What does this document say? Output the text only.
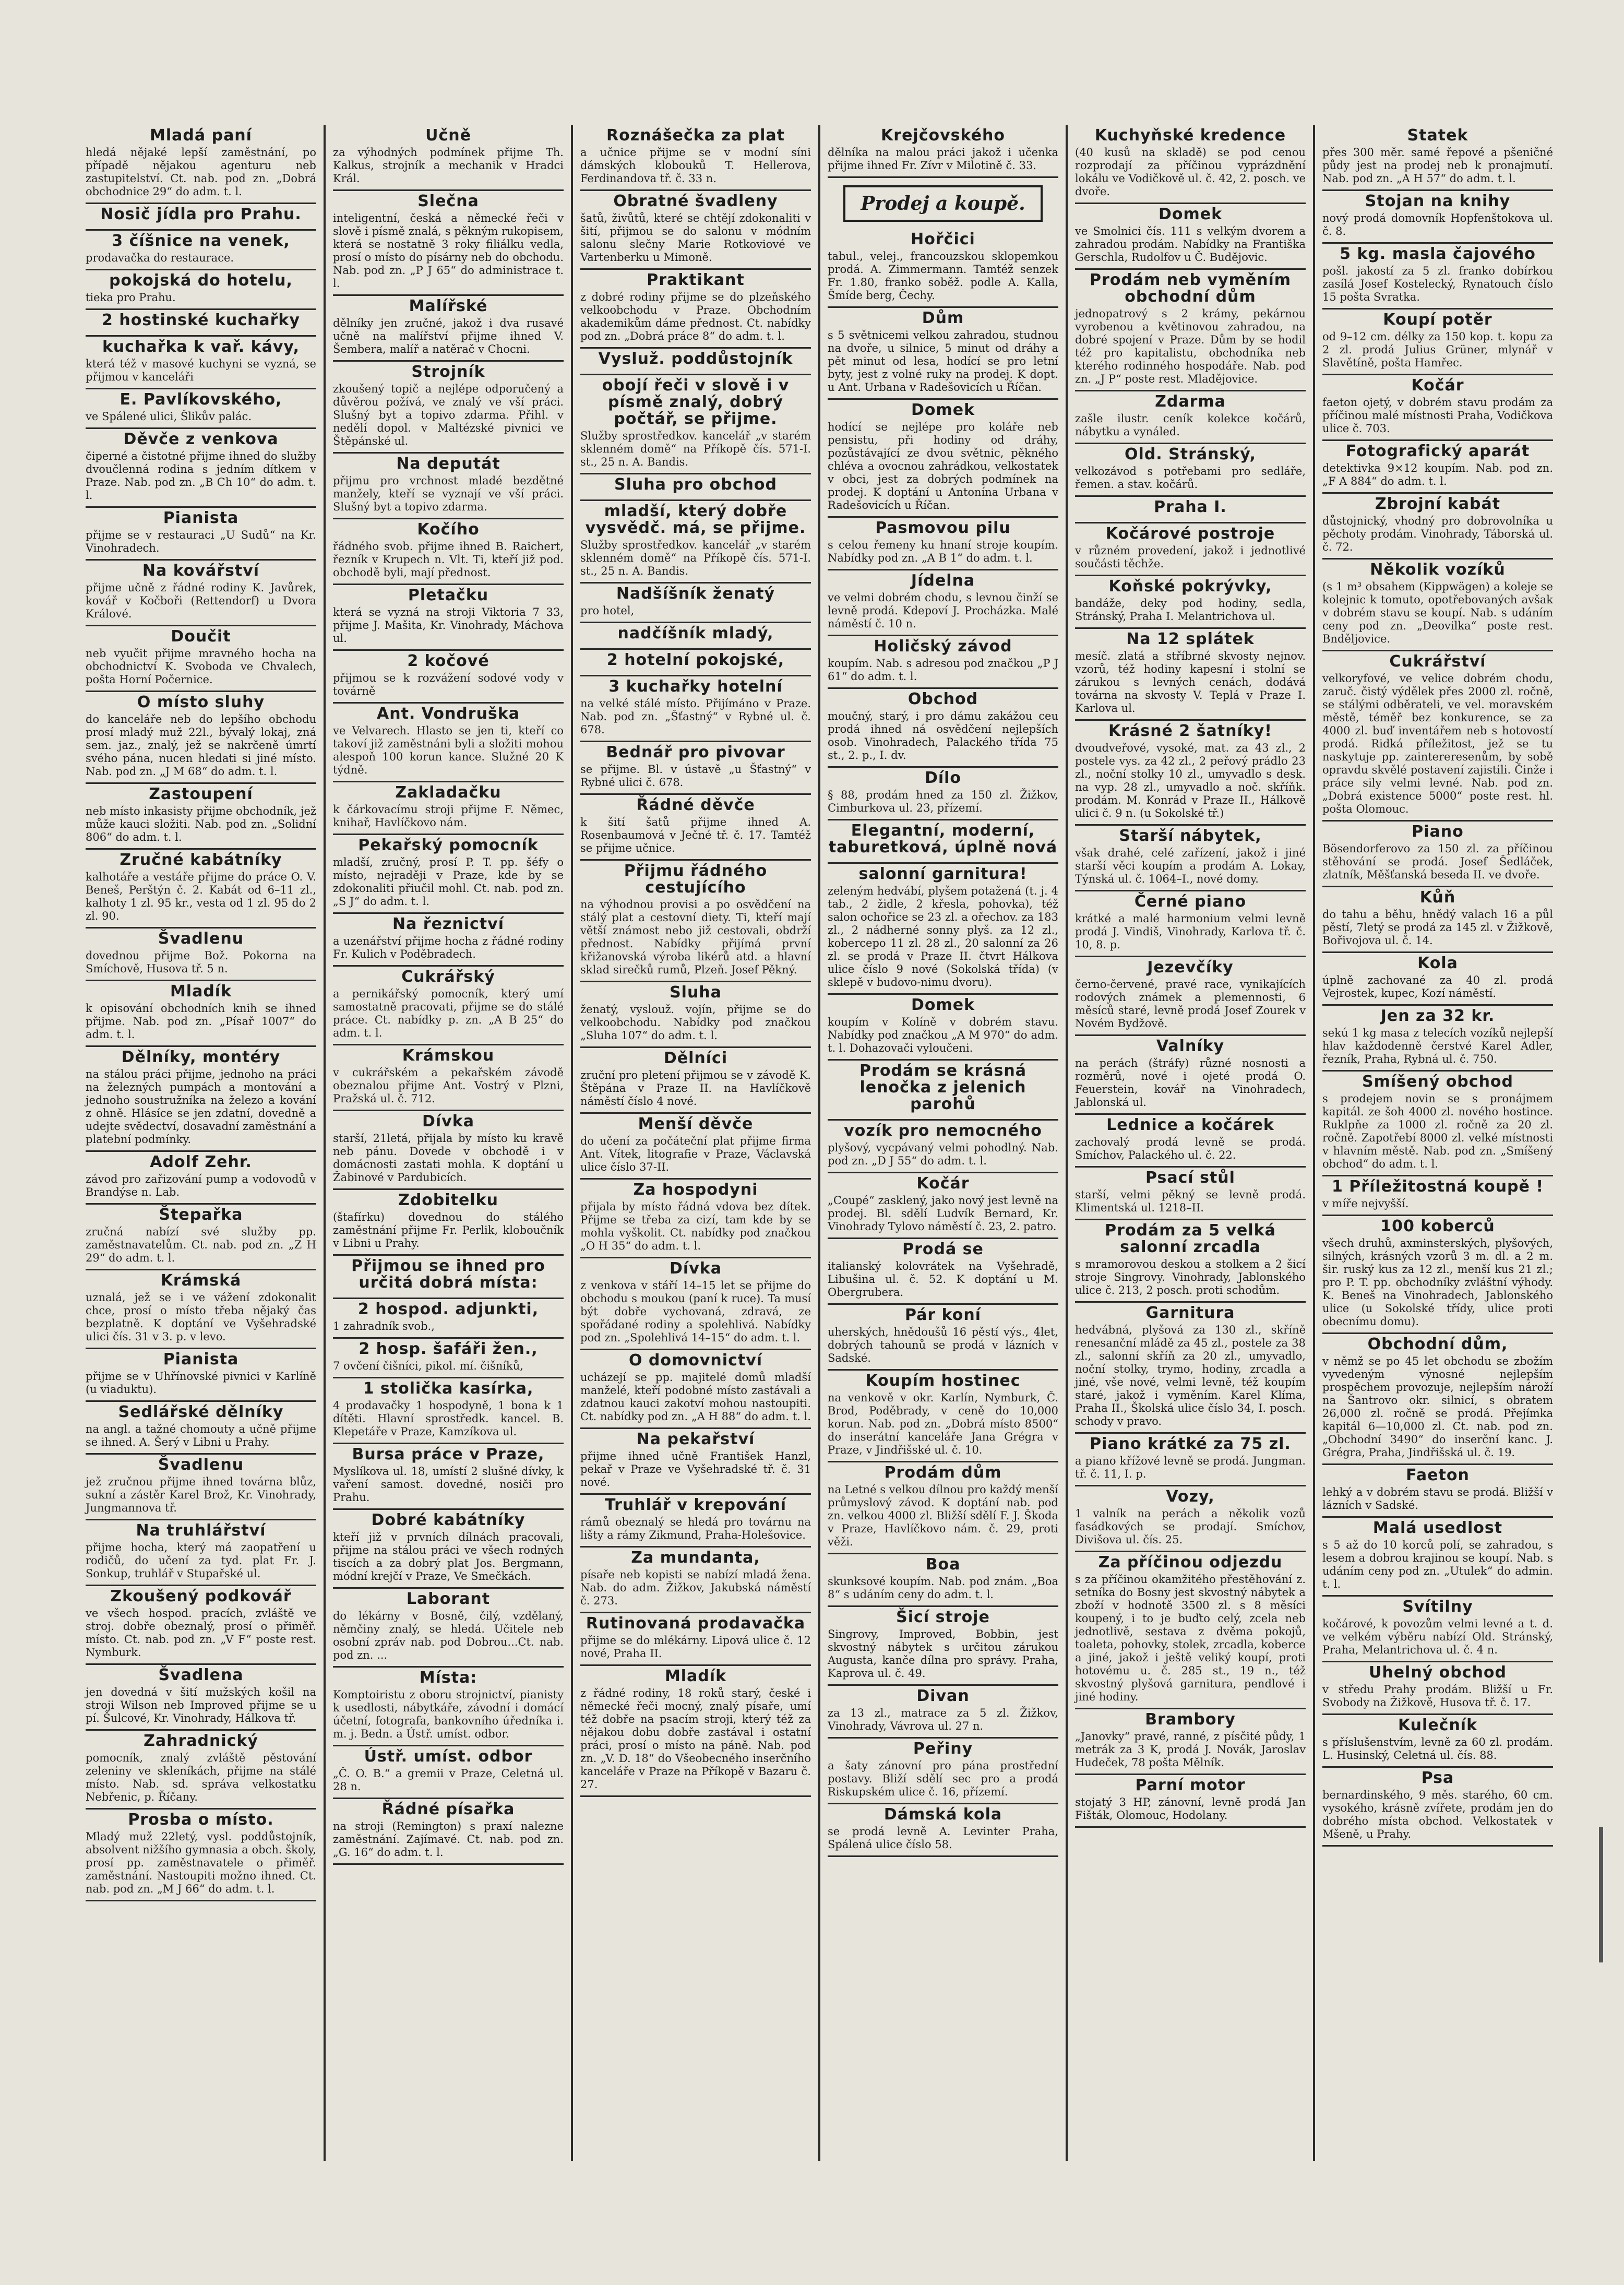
Mladá paní

hledá nějaké lepší zaměstnání, po případě nějakou agenturu neb zastupitelství. Ct. nab. pod zn. „Dobrá obchodnice 29“ do adm. t. l.

Nosič jídla pro Prahu.
3 číšnice na venek,

prodavačka do restaurace.

pokojská do hotelu,

tieka pro Prahu.

2 hostinské kuchařky
kuchařka k vař. kávy,

která též v masové kuchyni se vyzná, se přijmou v kanceláři

E. Pavlíkovského,

ve Spálené ulici, Šlikův palác.

Děvče z venkova

čiperné a čistotné přijme ihned do služby dvoučlenná rodina s jedním dítkem v Praze. Nab. pod zn. „B Ch 10“ do adm. t. l.

Pianista

přijme se v restauraci „U Sudů“ na Kr. Vinohradech.

Na kovářství

přijme učně z řádné rodiny K. Javůrek, kovář v Kočboři (Rettendorf) u Dvora Králové.

Doučit

neb vyučit přijme mravného hocha na obchodnictví K. Svoboda ve Chvalech, pošta Horní Počernice.

O místo sluhy

do kanceláře neb do lepšího obchodu prosí mladý muž 22l., bývalý lokaj, zná sem. jaz., znalý, jež se nakrčeně úmrtí svého pána, nucen hledati si jiné místo. Nab. pod zn. „J M 68“ do adm. t. l.

Zastoupení

neb místo inkasisty přijme obchodník, jež může kauci složiti. Nab. pod zn. „Solidní 806“ do adm. t. l.

Zručné kabátníky

kalhotáře a vestáře přijme do práce O. V. Beneš, Perštýn č. 2. Kabát od 6–11 zl., kalhoty 1 zl. 95 kr., vesta od 1 zl. 95 do 2 zl. 90.

Švadlenu

dovednou přijme Bož. Pokorna na Smíchově, Husova tř. 5 n.

Mladík

k opisování obchodních knih se ihned přijme. Nab. pod zn. „Písař 1007“ do adm. t. l.

Dělníky, montéry

na stálou práci přijme, jednoho na práci na železných pumpách a montování a jednoho soustružníka na železo a kování z ohně. Hlásíce se jen zdatní, dovedně a udejte svědectví, dosavadní zaměstnání a platební podmínky.

Adolf Zehr.

závod pro zařizování pump a vodovodů v Brandýse n. Lab.

Štepařka

zručná nabízí své služby pp. zaměstnavatelům. Ct. nab. pod zn. „Z H 29“ do adm. t. l.

Krámská

uznalá, jež se i ve vážení zdokonalit chce, prosí o místo třeba nějaký čas bezplatně. K doptání ve Vyšehradské ulici čís. 31 v 3. p. v levo.

Pianista

přijme se v Uhřínovské pivnici v Karlíně (u viaduktu).

Sedlářské dělníky

na angl. a tažné chomouty a učně přijme se ihned. A. Šerý v Libni u Prahy.

Švadlenu

jež zručnou přijme ihned továrna blůz, sukní a zástěr Karel Brož, Kr. Vinohrady, Jungmannova tř.

Na truhlářství

přijme hocha, který má zaopatření u rodičů, do učení za tyd. plat Fr. J. Sonkup, truhlář v Stupařské ul.

Zkoušený podkovář

ve všech hospod. pracích, zvláště ve stroj. dobře obeznalý, prosí o přiměř. místo. Ct. nab. pod zn. „V F“ poste rest. Nymburk.

Švadlena

jen dovedná v šití mužských košil na stroji Wilson neb Improved přijme se u pí. Šulcové, Kr. Vinohrady, Hálkova tř.

Zahradnický

pomocník, znalý zvláště pěstování zeleniny ve skleníkách, přijme na stálé místo. Nab. sd. správa velkostatku Nebřenic, p. Říčany.

Prosba o místo.

Mladý muž 22letý, vysl. poddůstojník, absolvent nižšího gymnasia a obch. školy, prosí pp. zaměstnavatele o přiměř. zaměstnání. Nastoupiti možno ihned. Ct. nab. pod zn. „M J 66“ do adm. t. l.

Učně

za výhodných podmínek přijme Th. Kalkus, strojník a mechanik v Hradci Král.

Slečna

inteligentní, česká a německé řeči v slově i písmě znalá, s pěkným rukopisem, která se nostatně 3 roky filiálku vedla, prosí o místo do písárny neb do obchodu. Nab. pod zn. „P J 65“ do administrace t. l.

Malířské

dělníky jen zručné, jakož i dva rusavé učně na malířství přijme ihned V. Šembera, malíř a natěrač v Chocni.

Strojník

zkoušený topič a nejlépe odporučený a důvěrou požívá, ve znalý ve vší práci. Slušný byt a topivo zdarma. Přihl. v nedělí dopol. v Maltézské pivnici ve Štěpánské ul.

Na deputát

přijmu pro vrchnost mladé bezdětné manžely, kteří se vyznají ve vší práci. Slušný byt a topivo zdarma.

Kočího

řádného svob. přijme ihned B. Raichert, řezník v Krupech n. Vlt. Ti, kteří již pod. obchodě byli, mají přednost.

Pletačku

která se vyzná na stroji Viktoria 7 33, přijme J. Mašita, Kr. Vinohrady, Máchova ul.

2 kočové

přijmou se k rozvážení sodové vody v továrně

Ant. Vondruška

ve Velvarech. Hlasto se jen ti, kteří co takoví již zaměstnáni byli a složiti mohou alespoň 100 korun kance. Služné 20 K týdně.

Zakladačku

k čárkovacímu stroji přijme F. Němec, knihař, Havlíčkovo nám.

Pekařský pomocník

mladší, zručný, prosí P. T. pp. šéfy o místo, nejraději v Praze, kde by se zdokonaliti přiučil mohl. Ct. nab. pod zn. „S J“ do adm. t. l.

Na řeznictví

a uzenářství přijme hocha z řádné rodiny Fr. Kulich v Poděbradech.

Cukrářský

a pernikářský pomocník, který umí samostatně pracovati, přijme se do stálé práce. Ct. nabídky p. zn. „A B 25“ do adm. t. l.

Krámskou

v cukrářském a pekařském závodě obeznalou přijme Ant. Vostrý v Plzni, Pražská ul. č. 712.

Dívka

starší, 21letá, přijala by místo ku kravě neb pánu. Dovede v obchodě i v domácnosti zastati mohla. K doptání u Žabinové v Pardubicích.

Zdobitelku

(štafírku) dovednou do stálého zaměstnání přijme Fr. Perlik, kloboučník v Libni u Prahy.

Přijmou se ihned pro určitá dobrá místa:
2 hospod. adjunkti,

1 zahradník svob.,

2 hosp. šafáři žen.,

7 ovčení čišníci, pikol. mí. čišníků,

1 stolička kasírka,

4 prodavačky 1 hospodyně, 1 bona k 1 dítěti. Hlavní sprostředk. kancel. B. Klepetáře v Praze, Kamzíkova ul.

Bursa práce v Praze,

Myslíkova ul. 18, umístí 2 slušné dívky, k vaření samost. dovedné, nosiči pro Prahu.

Dobré kabátníky

kteří již v prvních dílnách pracovali, přijme na stálou práci ve všech rodných tiscích a za dobrý plat Jos. Bergmann, módní krejčí v Praze, Ve Smečkách.

Laborant

do lékárny v Bosně, čilý, vzdělaný, němčiny znalý, se hledá. Učitele neb osobní zpráv nab. pod Dobrou...Ct. nab. pod zn. ...

Místa:

Komptoiristu z oboru strojnictví, pianisty k usedlosti, nábytkáře, závodní i domácí účetní, fotografa, bankovního úředníka i. m. j. Bedn. a Ústř. umíst. odbor.

Ústř. umíst. odbor

„Č. O. B.“ a gremii v Praze, Celetná ul. 28 n.

Řádné písařka

na stroji (Remington) s praxí nalezne zaměstnání. Zajímavé. Ct. nab. pod zn. „G. 16“ do adm. t. l.

Roznášečka za plat

a učnice přijme se v modní síni dámských klobouků T. Hellerova, Ferdinandova tř. č. 33 n.

Obratné švadleny

šatů, živůtů, které se chtějí zdokonaliti v šití, přijmou se do salonu v módním salonu slečny Marie Rotkoviové ve Vartenberku u Mimoně.

Praktikant

z dobré rodiny přijme se do plzeňského velkoobchodu v Praze. Obchodním akademikům dáme přednost. Ct. nabídky pod zn. „Dobrá práce 8“ do adm. t. l.

Vysluž. poddůstojník
obojí řeči v slově i v písmě znalý, dobrý počtář, se přijme.

Služby sprostředkov. kancelář „v starém sklenném domě“ na Příkopě čís. 571-I. st., 25 n. A. Bandis.

Sluha pro obchod
mladší, který dobře vysvědč. má, se přijme.

Služby sprostředkov. kancelář „v starém sklenném domě“ na Příkopě čís. 571-I. st., 25 n. A. Bandis.

Nadšíšník ženatý

pro hotel,

nadčíšník mladý,
2 hotelní pokojské,
3 kuchařky hotelní

na velké stálé místo. Přijímáno v Praze. Nab. pod zn. „Šťastný“ v Rybné ul. č. 678.

Bednář pro pivovar

se přijme. Bl. v ústavě „u Šťastný“ v Rybné ulici č. 678.

Řádné děvče

k šití šatů přijme ihned A. Rosenbaumová v Ječné tř. č. 17. Tamtéž se přijme učnice.

Přijmu řádného cestujícího

na výhodnou provisi a po osvědčení na stálý plat a cestovní diety. Ti, kteří mají větší známost nebo již cestovali, obdrží přednost. Nabídky přijímá první křižanovská výroba likérů atd. a hlavní sklad sirečků rumů, Plzeň. Josef Pěkný.

Sluha

ženatý, vyslouž. vojín, přijme se do velkoobchodu. Nabídky pod značkou „Sluha 107“ do adm. t. l.

Dělníci

zruční pro pletení přijmou se v závodě K. Štěpána v Praze II. na Havlíčkově náměstí číslo 4 nové.

Menší děvče

do učení za počáteční plat přijme firma Ant. Vítek, litografie v Praze, Václavská ulice číslo 37-II.

Za hospodyni

přijala by místo řádná vdova bez dítek. Přijme se třeba za cizí, tam kde by se mohla vyškolit. Ct. nabídky pod značkou „O H 35“ do adm. t. l.

Dívka

z venkova v stáří 14–15 let se přijme do obchodu s moukou (paní k ruce). Ta musí být dobře vychovaná, zdravá, ze spořádané rodiny a spolehlivá. Nabídky pod zn. „Spolehlivá 14–15“ do adm. t. l.

O domovnictví

ucházejí se pp. majitelé domů mladší manželé, kteří podobné místo zastávali a zdatnou kauci zakotví mohou nastoupiti. Ct. nabídky pod zn. „A H 88“ do adm. t. l.

Na pekařství

přijme ihned učně František Hanzl, pekař v Praze ve Vyšehradské tř. č. 31 nové.

Truhlář v krepování

rámů obeznalý se hledá pro továrnu na lišty a rámy Zikmund, Praha-Holešovice.

Za mundanta,

písaře neb kopisti se nabízí mladá žena. Nab. do adm. Žižkov, Jakubská náměstí č. 273.

Rutinovaná prodavačka

přijme se do mlékárny. Lipová ulice č. 12 nové, Praha II.

Mladík

z řádné rodiny, 18 roků starý, české i německé řeči mocný, znalý písaře, umí též dobře na psacím stroji, který též za nějakou dobu dobře zastával i ostatní práci, prosí o místo na páně. Nab. pod zn. „V. D. 18“ do Všeobecného inserčního kanceláře v Praze na Příkopě v Bazaru č. 27.

Krejčovského

dělníka na malou práci jakož i učenka přijme ihned Fr. Zívr v Milotině č. 33.

Prodej a koupě.
Hořčici

tabul., velej., francouzskou sklopemkou prodá. A. Zimmermann. Tamtéž senzek Fr. 1.80, franko soběž. podle A. Kalla, Šmíde berg, Čechy.

Dům

s 5 světnicemi velkou zahradou, studnou na dvoře, u silnice, 5 minut od dráhy a pět minut od lesa, hodící se pro letní byty, jest z volné ruky na prodej. K dopt. u Ant. Urbana v Radešovicích u Říčan.

Domek

hodící se nejlépe pro koláře neb pensistu, při hodiny od dráhy, pozůstávající ze dvou světnic, pěkného chléva a ovocnou zahrádkou, velkostatek v obci, jest za dobrých podmínek na prodej. K doptání u Antonína Urbana v Radešovicích u Říčan.

Pasmovou pilu

s celou řemeny ku hnaní stroje koupím. Nabídky pod zn. „A B 1“ do adm. t. l.

Jídelna

ve velmi dobrém chodu, s levnou činží se levně prodá. Kdepoví J. Procházka. Malé náměstí č. 10 n.

Holičský závod

koupím. Nab. s adresou pod značkou „P J 61“ do adm. t. l.

Obchod

moučný, starý, i pro dámu zakážou ceu prodá ihned ná osvědčení nejlepších osob. Vinohradech, Palackého třída 75 st., 2. p., I. dv.

Dílo

§ 88, prodám hned za 150 zl. Žižkov, Cimburkova ul. 23, přízemí.

Elegantní, moderní, taburetková, úplně nová
salonní garnitura!

zeleným hedvábí, plyšem potažená (t. j. 4 tab., 2 židle, 2 křesla, pohovka), též salon ochořice se 23 zl. a ořechov. za 183 zl., 2 nádherné sonny plyš. za 12 zl., kobercepo 11 zl. 28 zl., 20 salonní za 26 zl. se prodá v Praze II. čtvrt Hálkova ulice číslo 9 nové (Sokolská třída) (v sklepě v budovo-nimu dvoru).

Domek

koupím v Kolíně v dobrém stavu. Nabídky pod značkou „A M 970“ do adm. t. l. Dohazovači vyloučeni.

Prodám se krásná lenočka z jelenich parohů
vozík pro nemocného

plyšový, vycpávaný velmi pohodlný. Nab. pod zn. „D J 55“ do adm. t. l.

Kočár

„Coupé“ zasklený, jako nový jest levně na prodej. Bl. sdělí Ludvík Bernard, Kr. Vinohrady Tylovo náměstí č. 23, 2. patro.

Prodá se

italianský kolovrátek na Vyšehradě, Libušina ul. č. 52. K doptání u M. Obergrubera.

Pár koní

uherských, hnědoušů 16 pěstí výs., 4let, dobrých tahounů se prodá v lázních v Sadské.

Koupím hostinec

na venkově v okr. Karlín, Nymburk, Č. Brod, Poděbrady, v ceně do 10,000 korun. Nab. pod zn. „Dobrá místo 8500“ do inserátní kanceláře Jana Grégra v Praze, v Jindřišské ul. č. 10.

Prodám dům

na Letné s velkou dílnou pro každý menší průmyslový závod. K doptání nab. pod zn. velkou 4000 zl. Bližší sdělí F. J. Škoda v Praze, Havlíčkovo nám. č. 29, proti věži.

Boa

skunksové koupím. Nab. pod znám. „Boa 8“ s udáním ceny do adm. t. l.

Šicí stroje

Singrovy, Improved, Bobbin, jest skvostný nábytek s určitou zárukou Augusta, kanče dílna pro správy. Praha, Kaprova ul. č. 49.

Divan

za 13 zl., matrace za 5 zl. Žižkov, Vinohrady, Vávrova ul. 27 n.

Peřiny

a šaty zánovní pro pána prostřední postavy. Bliží sdělí sec pro a prodá Riskupském ulice č. 16, přízemí.

Dámská kola

se prodá levně A. Levinter Praha, Spálená ulice číslo 58.

Kuchyňské kredence

(40 kusů na skladě) se pod cenou rozprodají za příčinou vyprázdnění lokálu ve Vodičkově ul. č. 42, 2. posch. ve dvoře.

Domek

ve Smolnici čís. 111 s velkým dvorem a zahradou prodám. Nabídky na Františka Gerschla, Rudolfov u Č. Budějovic.

Prodám neb vyměním obchodní dům

jednopatrový s 2 krámy, pekárnou vyrobenou a květinovou zahradou, na dobré spojení v Praze. Dům by se hodil též pro kapitalistu, obchodníka neb kterého rodinného hospodáře. Nab. pod zn. „J P“ poste rest. Mladějovice.

Zdarma

zašle ilustr. ceník kolekce kočárů, nábytku a vynáled.

Old. Stránský,

velkozávod s potřebami pro sedláře, řemen. a stav. kočárů.

Praha I.
Kočárové postroje

v různém provedení, jakož i jednotlivé součásti těchže.

Koňské pokrývky,

bandáže, deky pod hodiny, sedla, Stránský, Praha I. Melantrichova ul.

Na 12 splátek

mesíč. zlatá a stříbrné skvosty nejnov. vzorů, též hodiny kapesní i stolní se zárukou s levných cenách, dodává továrna na skvosty V. Teplá v Praze I. Karlova ul.

Krásné 2 šatníky!

dvoudveřové, vysoké, mat. za 43 zl., 2 postele vys. za 42 zl., 2 peřový prádlo 23 zl., noční stolky 10 zl., umyvadlo s desk. na vyp. 28 zl., umyvadlo a noč. skříňk. prodám. M. Konrád v Praze II., Hálkově ulici č. 9 n. (u Sokolské tř.)

Starší nábytek,

však drahé, celé zařízení, jakož i jiné starší věci koupím a prodám A. Lokay, Týnská ul. č. 1064–I., nové domy.

Černé piano

krátké a malé harmonium velmi levně prodá J. Vindiš, Vinohrady, Karlova tř. č. 10, 8. p.

Jezevčíky

černo-červené, pravé race, vynikajících rodových známek a plemennosti, 6 měsíců staré, levně prodá Josef Zourek v Novém Bydžově.

Valníky

na perách (štráfy) různé nosnosti a rozměrů, nové i ojeté prodá O. Feuerstein, kovář na Vinohradech, Jablonská ul.

Lednice a kočárek

zachovalý prodá levně se prodá. Smíchov, Palackého ul. č. 22.

Psací stůl

starší, velmi pěkný se levně prodá. Klimentská ul. 1218–II.

Prodám za 5 velká salonní zrcadla

s mramorovou deskou a stolkem a 2 šicí stroje Singrovy. Vinohrady, Jablonského ulice č. 213, 2 posch. proti schodům.

Garnitura

hedvábná, plyšová za 130 zl., skříně renesanční mládě za 45 zl., postele za 38 zl., salonní skříň za 20 zl., umyvadlo, noční stolky, trymo, hodiny, zrcadla a jiné, vše nové, velmi levně, též koupím staré, jakož i vyměním. Karel Klíma, Praha II., Školská ulice číslo 34, I. posch. schody v pravo.

Piano krátké za 75 zl.

a piano křížové levně se prodá. Jungman. tř. č. 11, I. p.

Vozy,

1 valník na perách a několik vozů fasádkových se prodají. Smíchov, Divišova ul. čís. 25.

Za příčinou odjezdu

s za příčinou okamžitého přestěhování z. setníka do Bosny jest skvostný nábytek a zboží v hodnotě 3500 zl. s 8 měsíci koupený, i to je buďto celý, zcela neb jednotlivě, sestava z dvěma pokojů, toaleta, pohovky, stolek, zrcadla, koberce a jiné, jakož i ještě veliký koupí, proti hotovému u. č. 285 st., 19 n., též skvostný plyšová garnitura, pendlové i jiné hodiny.

Brambory

„Janovky“ pravé, ranné, z písčité půdy, 1 metrák za 3 K, prodá J. Novák, Jaroslav Hudeček, 78 pošta Mělník.

Parní motor

stojatý 3 HP, zánovní, levně prodá Jan Fišták, Olomouc, Hodolany.

Statek

přes 300 měr. samé řepové a pšeničné půdy jest na prodej neb k pronajmutí. Nab. pod zn. „A H 57“ do adm. t. l.

Stojan na knihy

nový prodá domovník Hopfenštokova ul. č. 8.

5 kg. masla čajového

pošl. jakostí za 5 zl. franko dobírkou zasílá Josef Kostelecký, Rynatouch číslo 15 pošta Svratka.

Koupí potěr

od 9–12 cm. délky za 150 kop. t. kopu za 2 zl. prodá Julius Grüner, mlynář v Slavětíně, pošta Hamřec.

Kočár

faeton ojetý, v dobrém stavu prodám za příčinou malé místnosti Praha, Vodičkova ulice č. 703.

Fotografický aparát

detektivka 9×12 koupím. Nab. pod zn. „F A 884“ do adm. t. l.

Zbrojní kabát

důstojnický, vhodný pro dobrovolníka u pěchoty prodám. Vinohrady, Táborská ul. č. 72.

Několik vozíků

(s 1 m³ obsahem (Kippwägen) a koleje se kolejnic k tomuto, opotřebovaných avšak v dobrém stavu se koupí. Nab. s udáním ceny pod zn. „Deovilka“ poste rest. Bnděljovice.

Cukrářství

velkoryfové, ve velice dobrém chodu, zaruč. čistý výdělek přes 2000 zl. ročně, se stálými odběrateli, ve vel. moravském městě, téměř bez konkurence, se za 4000 zl. buď inventářem neb s hotovostí prodá. Ridká příležitost, jež se tu naskytuje pp. zaintereresenům, by sobě opravdu skvělé postavení zajistili. Činže i práce sily velmi levné. Nab. pod zn. „Dobrá existence 5000“ poste rest. hl. pošta Olomouc.

Piano

Bösendorferovo za 150 zl. za příčinou stěhování se prodá. Josef Šedláček, zlatník, Měšťanská beseda II. ve dvoře.

Kůň

do tahu a běhu, hnědý valach 16 a půl pěstí, 7letý se prodá za 145 zl. v Žižkově, Bořivojova ul. č. 14.

Kola

úplně zachované za 40 zl. prodá Vejrostek, kupec, Kozí náměstí.

Jen za 32 kr.

sekú 1 kg masa z telecích vozíků nejlepší hlav každodenně čerstvé Karel Adler, řezník, Praha, Rybná ul. č. 750.

Smíšený obchod

s prodejem novin se s pronájmem kapitál. ze šoh 4000 zl. nového hostince. Ruklpňe za 1000 zl. ročně za 20 zl. ročně. Zapotřebí 8000 zl. velké místnosti v hlavním městě. Nab. pod zn. „Smíšený obchod“ do adm. t. l.

1 Příležitostná koupě !

v míře nejvyšší.

100 koberců

všech druhů, axminsterských, plyšových, silných, krásných vzorů 3 m. dl. a 2 m. šir. ruský kus za 12 zl., menší kus 21 zl.; pro P. T. pp. obchodníky zvláštní výhody. K. Beneš na Vinohradech, Jablonského ulice (u Sokolské třídy, ulice proti obecnímu domu).

Obchodní dům,

v němž se po 45 let obchodu se zbožím vyvedeným výnosné nejlepším prospěchem provozuje, nejlepším nároží na Šantrovo okr. silnicí, s obratem 26,000 zl. ročně se prodá. Přejímka kapitál 6—10,000 zl. Ct. nab. pod zn. „Obchodní 3490“ do inserční kanc. J. Grégra, Praha, Jindřišská ul. č. 19.

Faeton

lehký a v dobrém stavu se prodá. Bližší v lázních v Sadské.

Malá usedlost

s 5 až do 10 korců polí, se zahradou, s lesem a dobrou krajinou se koupí. Nab. s udáním ceny pod zn. „Utulek“ do admin. t. l.

Svítilny

kočárové, k povozům velmi levné a t. d. ve velkém výběru nabízí Old. Stránský, Praha, Melantrichova ul. č. 4 n.

Uhelný obchod

v středu Prahy prodám. Bližší u Fr. Svobody na Žižkově, Husova tř. č. 17.

Kulečník

s příslušenstvím, levně za 60 zl. prodám. L. Husinský, Celetná ul. čís. 88.

Psa

bernardinského, 9 měs. starého, 60 cm. vysokého, krásně zvířete, prodám jen do dobrého místa obchod. Velkostatek v Mšeně, u Prahy.
